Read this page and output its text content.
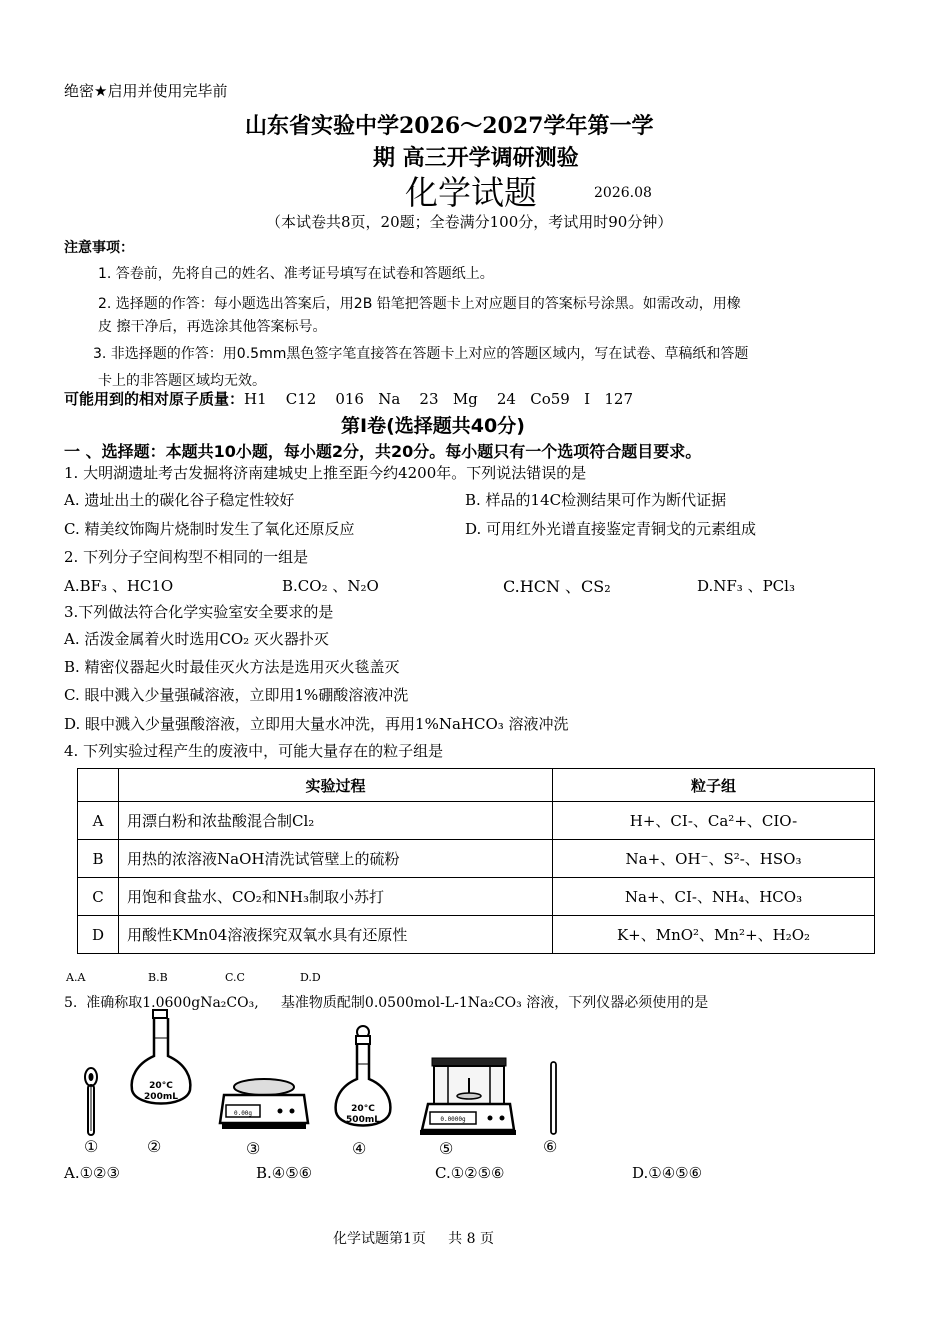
绝密★启用并使用完毕前
山东省实验中学2026～2027学年第一学
期 高三开学调研测验
化学试题	2026.08
（本试卷共8页，20题；全卷满分100分，考试用时90分钟）
注意事项：
1. 答卷前，先将自己的姓名、准考证号填写在试卷和答题纸上。
2. 选择题的作答：每小题选出答案后，用2B 铅笔把答题卡上对应题目的答案标号涂黑。如需改动，用橡
皮 擦干净后，再选涂其他答案标号。
3. 非选择题的作答：用0.5mm黑色签字笔直接答在答题卡上对应的答题区域内，写在试卷、草稿纸和答题
卡上的非答题区域均无效。
可能用到的相对原子质量：H1    C12    016   Na    23   Mg    24   Co59   I   127
第Ⅰ卷(选择题共40分)
一 、选择题：本题共10小题，每小题2分，共20分。每小题只有一个选项符合题目要求。
1. 大明湖遗址考古发掘将济南建城史上推至距今约4200年。下列说法错误的是
A. 遗址出土的碳化谷子稳定性较好	B. 样品的14C检测结果可作为断代证据
C. 精美纹饰陶片烧制时发生了氧化还原反应	D. 可用红外光谱直接鉴定青铜戈的元素组成
2. 下列分子空间构型不相同的一组是
A.BF₃ 、HC1O	B.CO₂ 、N₂O	C.HCN 、CS₂	D.NF₃ 、PCl₃
3.下列做法符合化学实验室安全要求的是
A. 活泼金属着火时选用CO₂ 灭火器扑灭
B. 精密仪器起火时最佳灭火方法是选用灭火毯盖灭
C. 眼中溅入少量强碱溶液，立即用1%硼酸溶液冲洗
D. 眼中溅入少量强酸溶液，立即用大量水冲洗，再用1%NaHCO₃ 溶液冲洗
4. 下列实验过程产生的废液中，可能大量存在的粒子组是
	实验过程	粒子组
A	用漂白粉和浓盐酸混合制Cl₂	H+、CI-、Ca²+、CIO-
B	用热的浓溶液NaOH清洗试管壁上的硫粉	Na+、OH⁻、S²-、HSO₃
C	用饱和食盐水、CO₂和NH₃制取小苏打	Na+、CI-、NH₄、HCO₃
D	用酸性KMn04溶液探究双氧水具有还原性	K+、MnO²、Mn²+、H₂O₂
A.A	B.B	C.C	D.D
5.  准确称取1.0600gNa₂CO₃,     基准物质配制0.0500mol-L-1Na₂CO₃ 溶液，下列仪器必须使用的是
20°C
200mL
0.00g	20°C
500mL	0.0000g
①	②	③	④	⑤	⑥
A.①②③	B.④⑤⑥	C.①②⑤⑥	D.①④⑤⑥
化学试题第1页     共 8 页
